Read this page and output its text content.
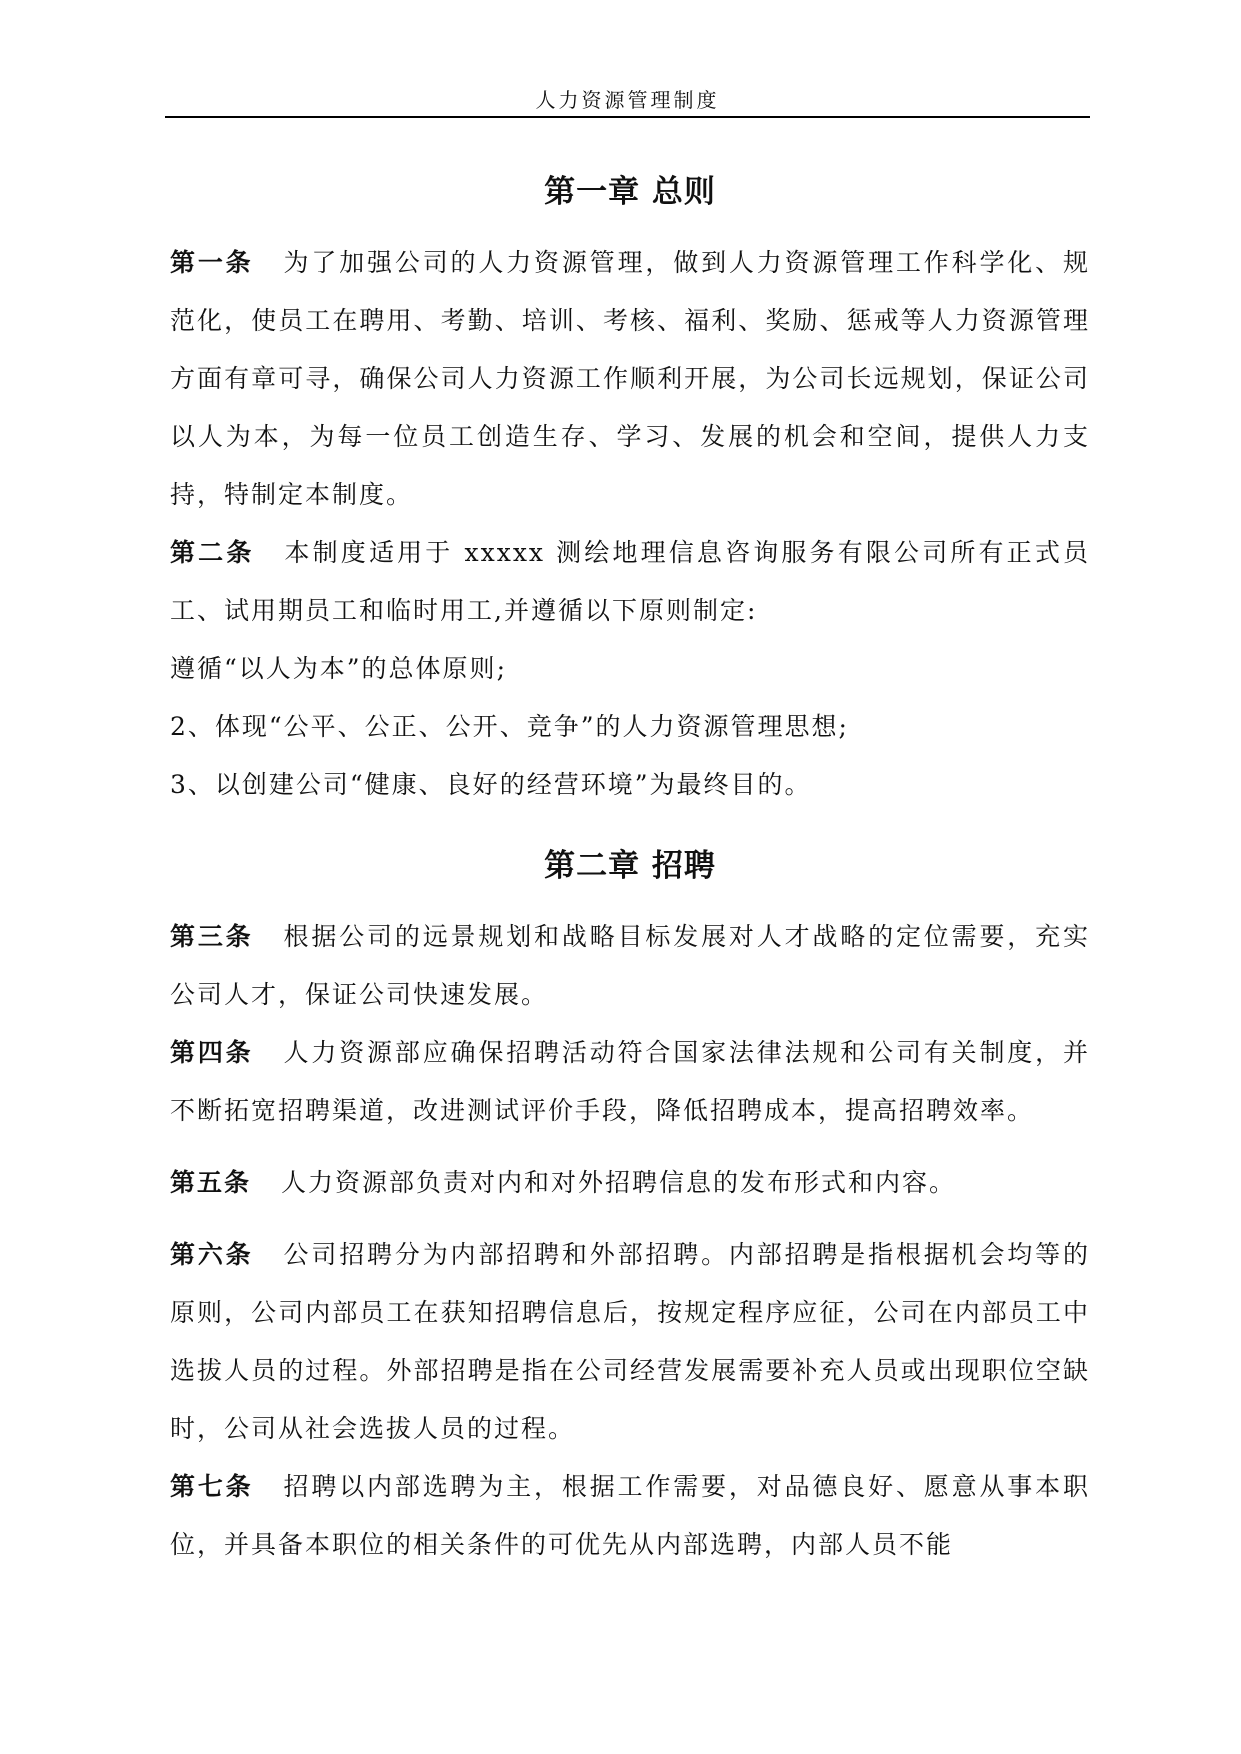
人力资源管理制度
第一章 总则

第一条 为了加强公司的人力资源管理，做到人力资源管理工作科学化、规范化，使员工在聘用、考勤、培训、考核、福利、奖励、惩戒等人力资源管理方面有章可寻，确保公司人力资源工作顺利开展，为公司长远规划，保证公司以人为本，为每一位员工创造生存、学习、发展的机会和空间，提供人力支持，特制定本制度。

第二条 本制度适用于 xxxxx 测绘地理信息咨询服务有限公司所有正式员工、试用期员工和临时用工,并遵循以下原则制定:

遵循“以人为本”的总体原则;

2、体现“公平、公正、公开、竞争”的人力资源管理思想;

3、以创建公司“健康、良好的经营环境”为最终目的。

第二章 招聘

第三条 根据公司的远景规划和战略目标发展对人才战略的定位需要，充实公司人才，保证公司快速发展。

第四条 人力资源部应确保招聘活动符合国家法律法规和公司有关制度，并不断拓宽招聘渠道，改进测试评价手段，降低招聘成本，提高招聘效率。

第五条 人力资源部负责对内和对外招聘信息的发布形式和内容。

第六条 公司招聘分为内部招聘和外部招聘。内部招聘是指根据机会均等的原则，公司内部员工在获知招聘信息后，按规定程序应征，公司在内部员工中选拔人员的过程。外部招聘是指在公司经营发展需要补充人员或出现职位空缺时，公司从社会选拔人员的过程。

第七条 招聘以内部选聘为主，根据工作需要，对品德良好、愿意从事本职位，并具备本职位的相关条件的可优先从内部选聘，内部人员不能
